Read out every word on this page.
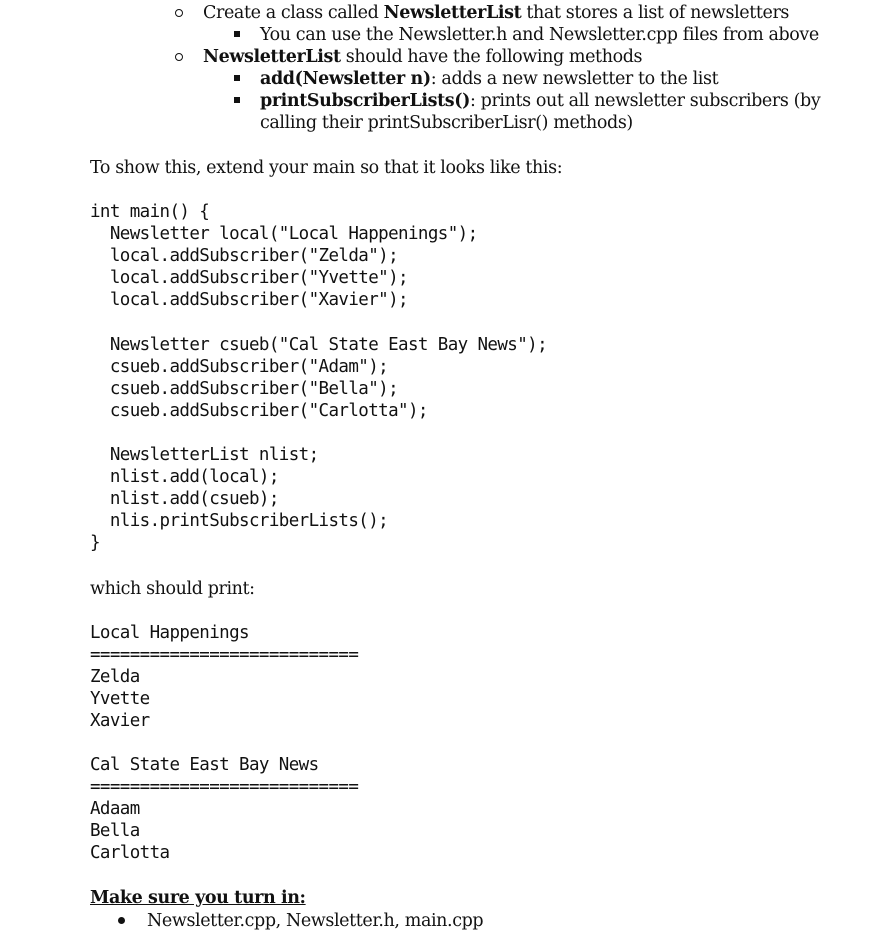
Create a class called NewsletterList that stores a list of newsletters

You can use the Newsletter.h and Newsletter.cpp files from above

NewsletterList should have the following methods

add(Newsletter n): adds a new newsletter to the list

printSubscriberLists(): prints out all newsletter subscribers (by

calling their printSubscriberLisr() methods)

To show this, extend your main so that it looks like this:

int main() {
Newsletter local("Local Happenings");
local.addSubscriber("Zelda");
local.addSubscriber("Yvette");
local.addSubscriber("Xavier");
Newsletter csueb("Cal State East Bay News");
csueb.addSubscriber("Adam");
csueb.addSubscriber("Bella");
csueb.addSubscriber("Carlotta");
NewsletterList nlist;
nlist.add(local);
nlist.add(csueb);
nlis.printSubscriberLists();
}

which should print:

Local Happenings
===========================
Zelda
Yvette
Xavier
Cal State East Bay News
===========================
Adaam
Bella
Carlotta

Make sure you turn in:

Newsletter.cpp, Newsletter.h, main.cpp
